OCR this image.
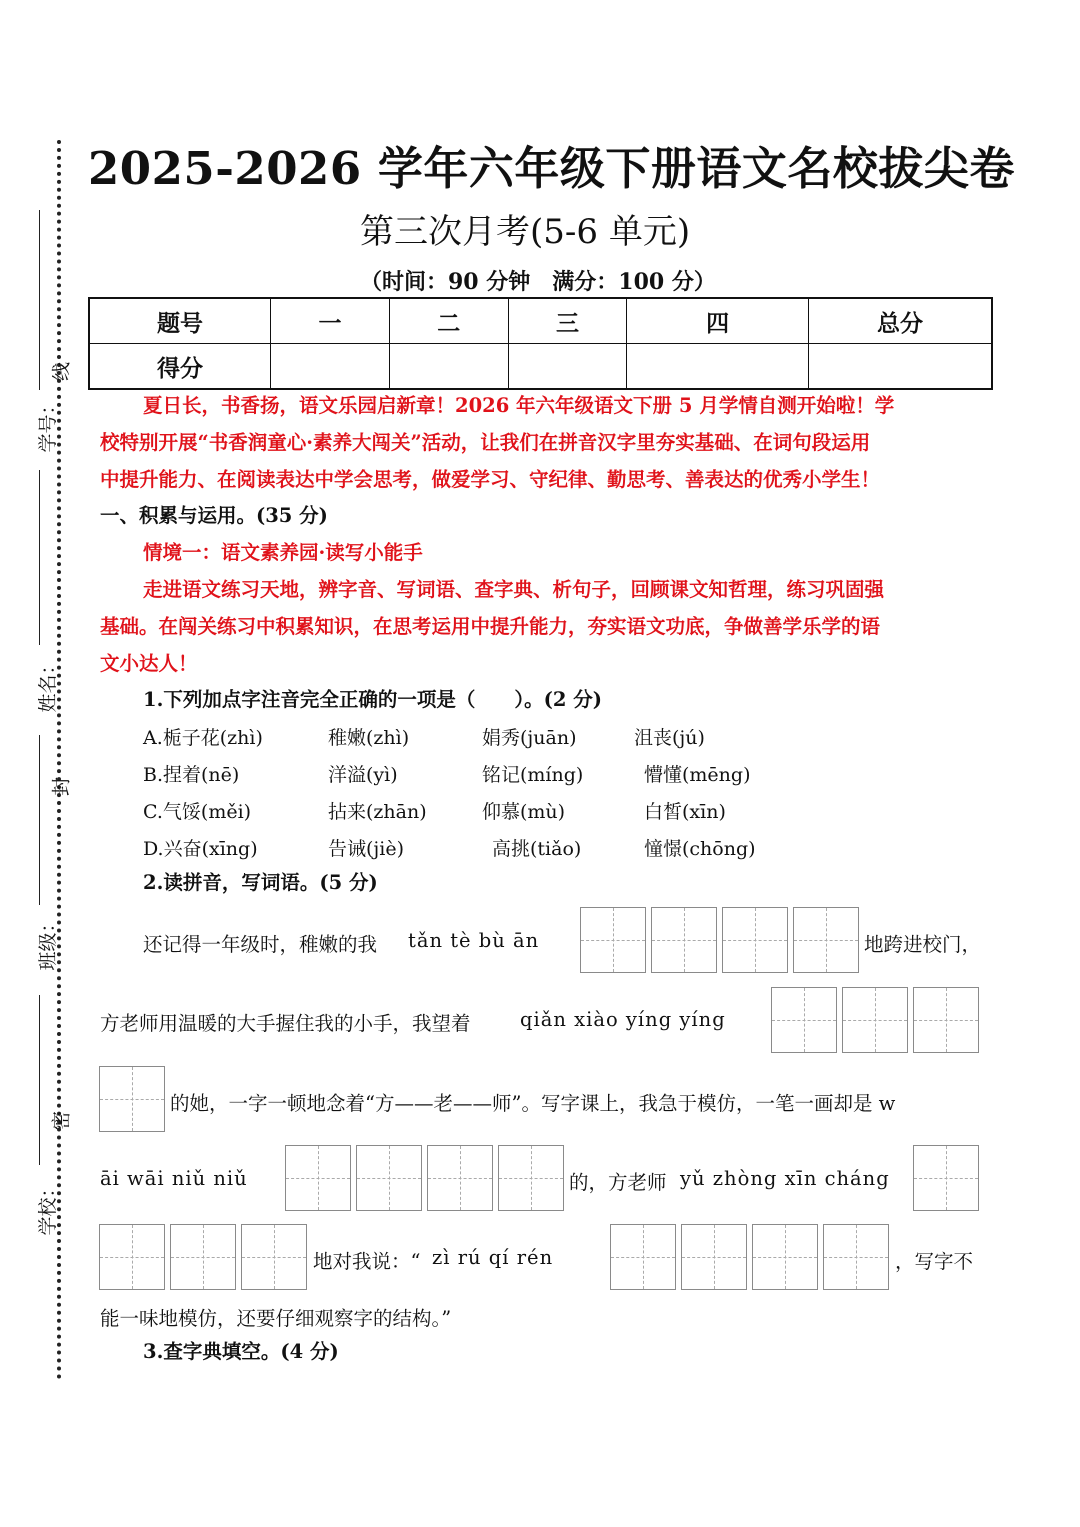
学号：
姓名：
班级：
学校：
线
封
密
2025-2026 学年六年级下册语文名校拔尖卷
第三次月考(5-6 单元)
（时间：90 分钟　满分：100 分）
题号	一	二	三	四	总分
得分					
夏日长，书香扬，语文乐园启新章！2026 年六年级语文下册 5 月学情自测开始啦！学
校特别开展“书香润童心·素养大闯关”活动，让我们在拼音汉字里夯实基础、在词句段运用
中提升能力、在阅读表达中学会思考，做爱学习、守纪律、勤思考、善表达的优秀小学生！
一、积累与运用。(35 分)
情境一：语文素养园·读写小能手
走进语文练习天地，辨字音、写词语、查字典、析句子，回顾课文知哲理，练习巩固强
基础。在闯关练习中积累知识，在思考运用中提升能力，夯实语文功底，争做善学乐学的语
文小达人！
1.下列加点字注音完全正确的一项是（　　）。(2 分)
A.栀子花(zhì)	稚嫩(zhì)	娟秀(juān)	沮丧(jú)
B.捏着(nē)	洋溢(yì)	铭记(míng)	懵懂(mēng)
C.气馁(měi)	拈来(zhān)	仰慕(mù)	白皙(xīn)
D.兴奋(xīng)	告诫(jiè)	高挑(tiǎo)	憧憬(chōng)
2.读拼音，写词语。(5 分)
还记得一年级时，稚嫩的我 tǎn tè bù ān	地跨进校门，
方老师用温暖的大手握住我的小手，我望着	qiǎn xiào yíng yíng
的她，一字一顿地念着“方——老——师”。写字课上，我急于模仿，一笔一画却是 w
āi wāi niǔ niǔ	的，方老师 yǔ zhòng xīn cháng
地对我说：“ zì rú qí rén	，写字不
能一味地模仿，还要仔细观察字的结构。”
3.查字典填空。(4 分)
